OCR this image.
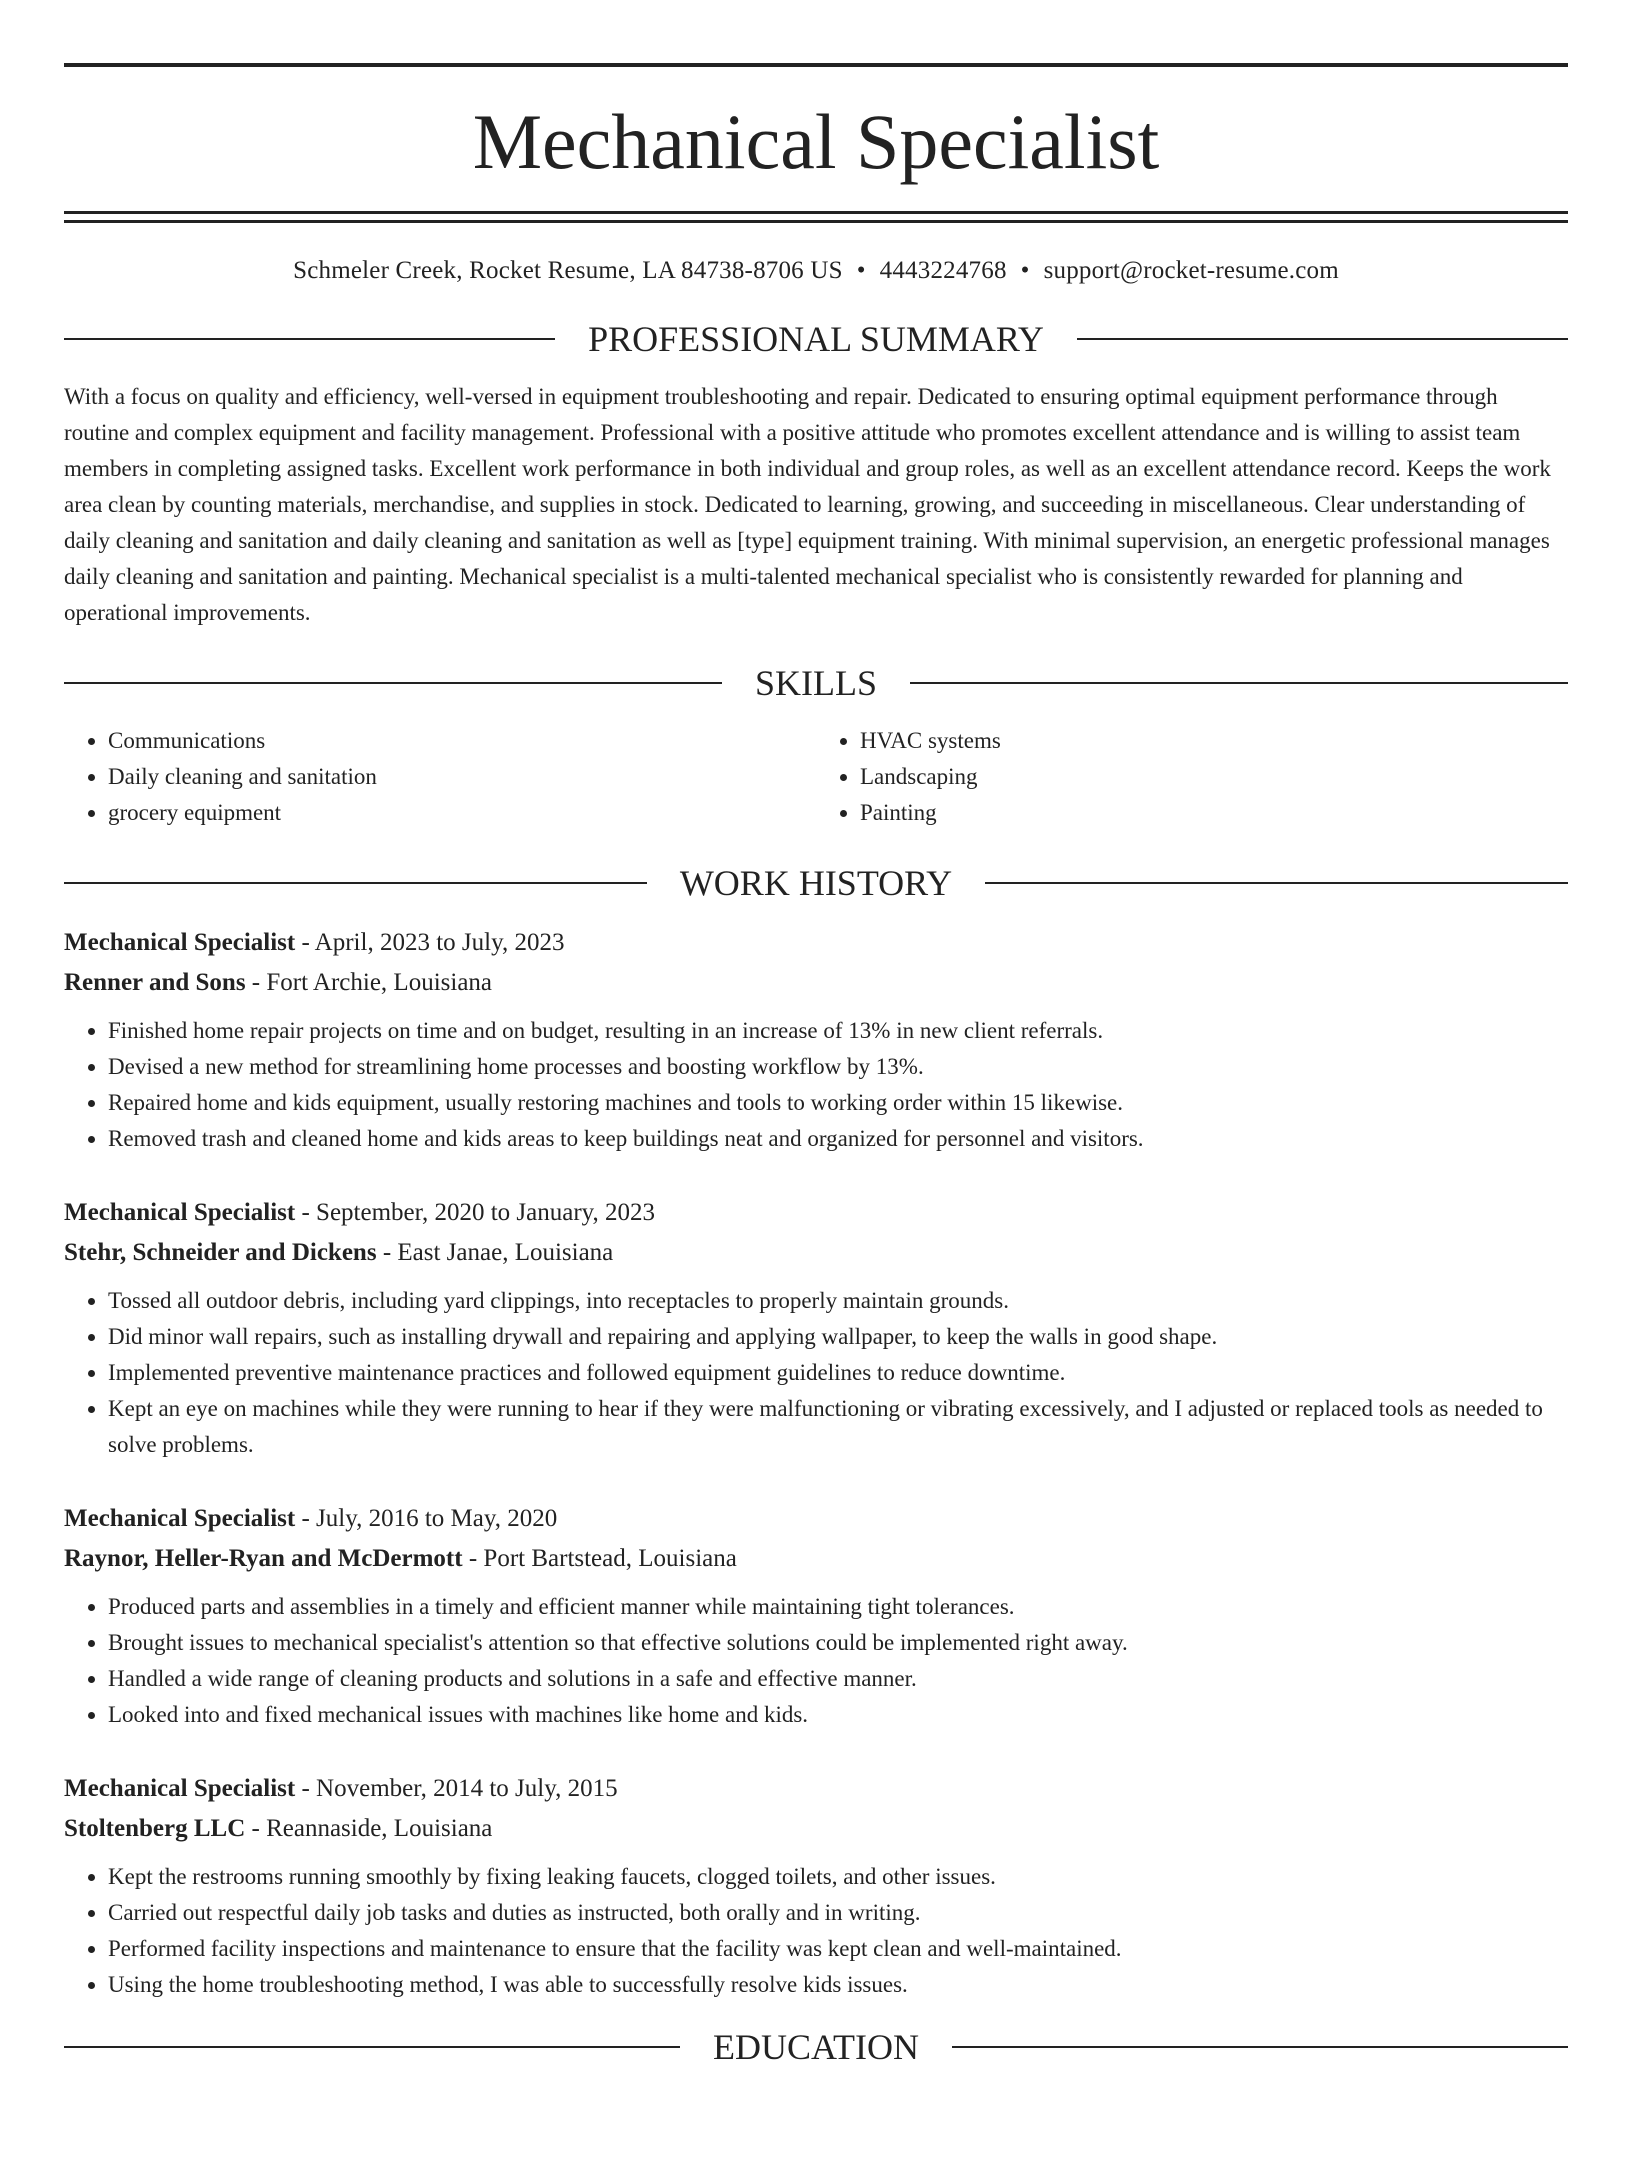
Mechanical Specialist
Schmeler Creek, Rocket Resume, LA 84738-8706 US • 4443224768 • support@rocket-resume.com
PROFESSIONAL SUMMARY

With a focus on quality and efficiency, well-versed in equipment troubleshooting and repair. Dedicated to ensuring optimal equipment performance through routine and complex equipment and facility management. Professional with a positive attitude who promotes excellent attendance and is willing to assist team members in completing assigned tasks. Excellent work performance in both individual and group roles, as well as an excellent attendance record. Keeps the work area clean by counting materials, merchandise, and supplies in stock. Dedicated to learning, growing, and succeeding in miscellaneous. Clear understanding of daily cleaning and sanitation and daily cleaning and sanitation as well as [type] equipment training. With minimal supervision, an energetic professional manages daily cleaning and sanitation and painting. Mechanical specialist is a multi-talented mechanical specialist who is consistently rewarded for planning and operational improvements.

SKILLS
• Communications
• Daily cleaning and sanitation
• grocery equipment
• HVAC systems
• Landscaping
• Painting
WORK HISTORY
Mechanical Specialist - April, 2023 to July, 2023
Renner and Sons - Fort Archie, Louisiana
• Finished home repair projects on time and on budget, resulting in an increase of 13% in new client referrals.
• Devised a new method for streamlining home processes and boosting workflow by 13%.
• Repaired home and kids equipment, usually restoring machines and tools to working order within 15 likewise.
• Removed trash and cleaned home and kids areas to keep buildings neat and organized for personnel and visitors.
Mechanical Specialist - September, 2020 to January, 2023
Stehr, Schneider and Dickens - East Janae, Louisiana
• Tossed all outdoor debris, including yard clippings, into receptacles to properly maintain grounds.
• Did minor wall repairs, such as installing drywall and repairing and applying wallpaper, to keep the walls in good shape.
• Implemented preventive maintenance practices and followed equipment guidelines to reduce downtime.
• Kept an eye on machines while they were running to hear if they were malfunctioning or vibrating excessively, and I adjusted or replaced tools as needed to solve problems.
Mechanical Specialist - July, 2016 to May, 2020
Raynor, Heller-Ryan and McDermott - Port Bartstead, Louisiana
• Produced parts and assemblies in a timely and efficient manner while maintaining tight tolerances.
• Brought issues to mechanical specialist's attention so that effective solutions could be implemented right away.
• Handled a wide range of cleaning products and solutions in a safe and effective manner.
• Looked into and fixed mechanical issues with machines like home and kids.
Mechanical Specialist - November, 2014 to July, 2015
Stoltenberg LLC - Reannaside, Louisiana
• Kept the restrooms running smoothly by fixing leaking faucets, clogged toilets, and other issues.
• Carried out respectful daily job tasks and duties as instructed, both orally and in writing.
• Performed facility inspections and maintenance to ensure that the facility was kept clean and well-maintained.
• Using the home troubleshooting method, I was able to successfully resolve kids issues.
EDUCATION
